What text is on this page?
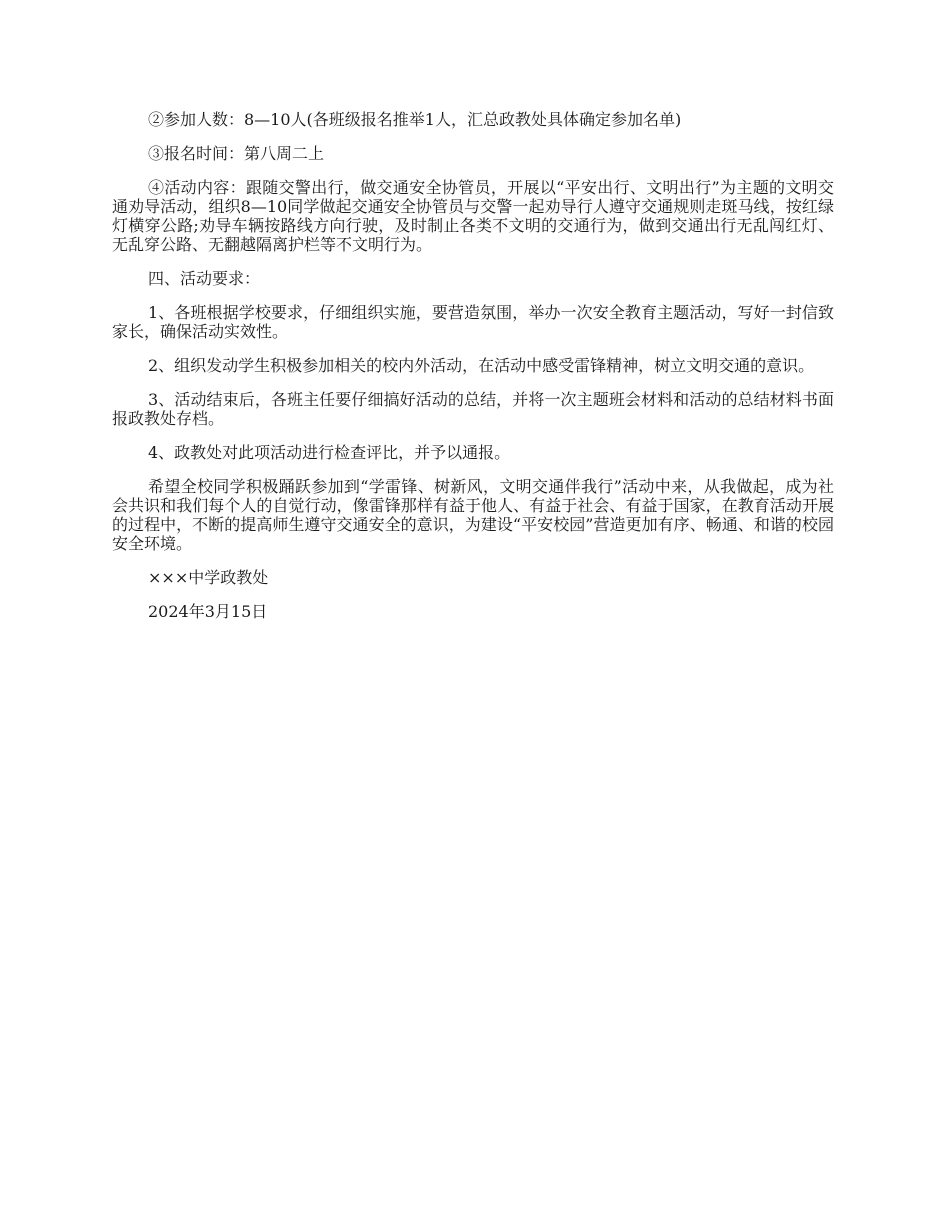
②参加人数：8—10人(各班级报名推举1人，汇总政教处具体确定参加名单)

③报名时间：第八周二上

④活动内容：跟随交警出行，做交通安全协管员，开展以“平安出行、文明出行”为主题的文明交通劝导活动，组织8—10同学做起交通安全协管员与交警一起劝导行人遵守交通规则走斑马线，按红绿灯横穿公路;劝导车辆按路线方向行驶，及时制止各类不文明的交通行为，做到交通出行无乱闯红灯、无乱穿公路、无翻越隔离护栏等不文明行为。

四、活动要求：

1、各班根据学校要求，仔细组织实施，要营造氛围，举办一次安全教育主题活动，写好一封信致家长，确保活动实效性。

2、组织发动学生积极参加相关的校内外活动，在活动中感受雷锋精神，树立文明交通的意识。

3、活动结束后，各班主任要仔细搞好活动的总结，并将一次主题班会材料和活动的总结材料书面报政教处存档。

4、政教处对此项活动进行检查评比，并予以通报。

希望全校同学积极踊跃参加到“学雷锋、树新风，文明交通伴我行”活动中来，从我做起，成为社会共识和我们每个人的自觉行动，像雷锋那样有益于他人、有益于社会、有益于国家，在教育活动开展的过程中，不断的提高师生遵守交通安全的意识，为建设“平安校园”营造更加有序、畅通、和谐的校园安全环境。

×××中学政教处

2024年3月15日
